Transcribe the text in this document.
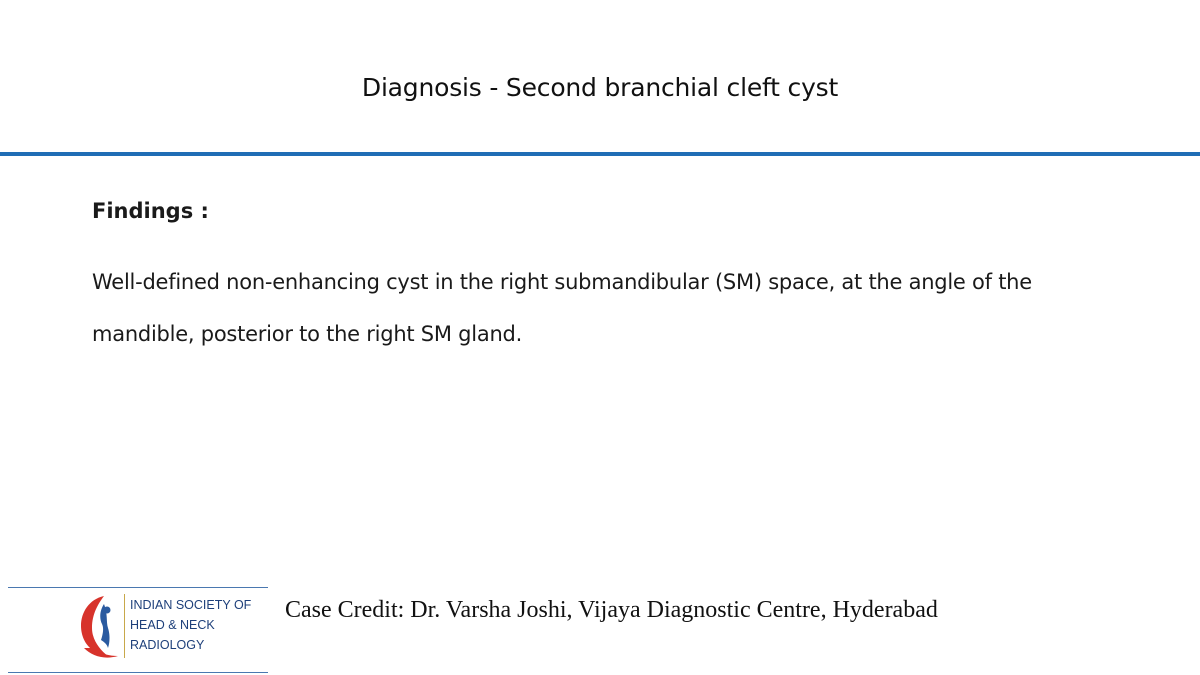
Diagnosis - Second branchial cleft cyst
Findings :
Well-defined non-enhancing cyst in the right submandibular (SM) space, at the angle of the mandible, posterior to the right SM gland.
INDIAN SOCIETY OF
HEAD & NECK
RADIOLOGY
Case Credit: Dr. Varsha Joshi, Vijaya Diagnostic Centre, Hyderabad
